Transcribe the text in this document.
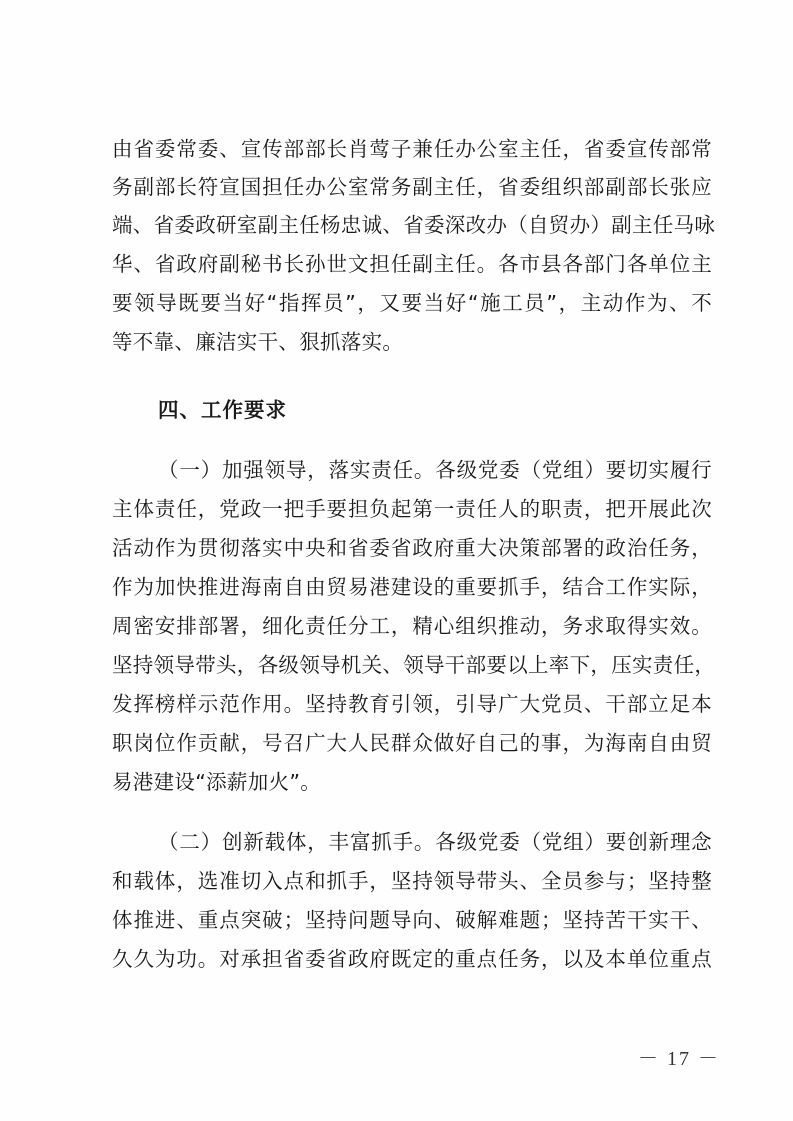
由省委常委、宣传部部长肖莺子兼任办公室主任，省委宣传部常
务副部长符宣国担任办公室常务副主任，省委组织部副部长张应
端、省委政研室副主任杨忠诚、省委深改办（自贸办）副主任马咏
华、省政府副秘书长孙世文担任副主任。各市县各部门各单位主
要领导既要当好“指挥员”，又要当好“施工员”，主动作为、不
等不靠、廉洁实干、狠抓落实。
四、工作要求
（一）加强领导，落实责任。各级党委（党组）要切实履行
主体责任，党政一把手要担负起第一责任人的职责，把开展此次
活动作为贯彻落实中央和省委省政府重大决策部署的政治任务，
作为加快推进海南自由贸易港建设的重要抓手，结合工作实际，
周密安排部署，细化责任分工，精心组织推动，务求取得实效。
坚持领导带头，各级领导机关、领导干部要以上率下，压实责任，
发挥榜样示范作用。坚持教育引领，引导广大党员、干部立足本
职岗位作贡献，号召广大人民群众做好自己的事，为海南自由贸
易港建设“添薪加火”。
（二）创新载体，丰富抓手。各级党委（党组）要创新理念
和载体，选准切入点和抓手，坚持领导带头、全员参与；坚持整
体推进、重点突破；坚持问题导向、破解难题；坚持苦干实干、
久久为功。对承担省委省政府既定的重点任务，以及本单位重点
－ 17 －
